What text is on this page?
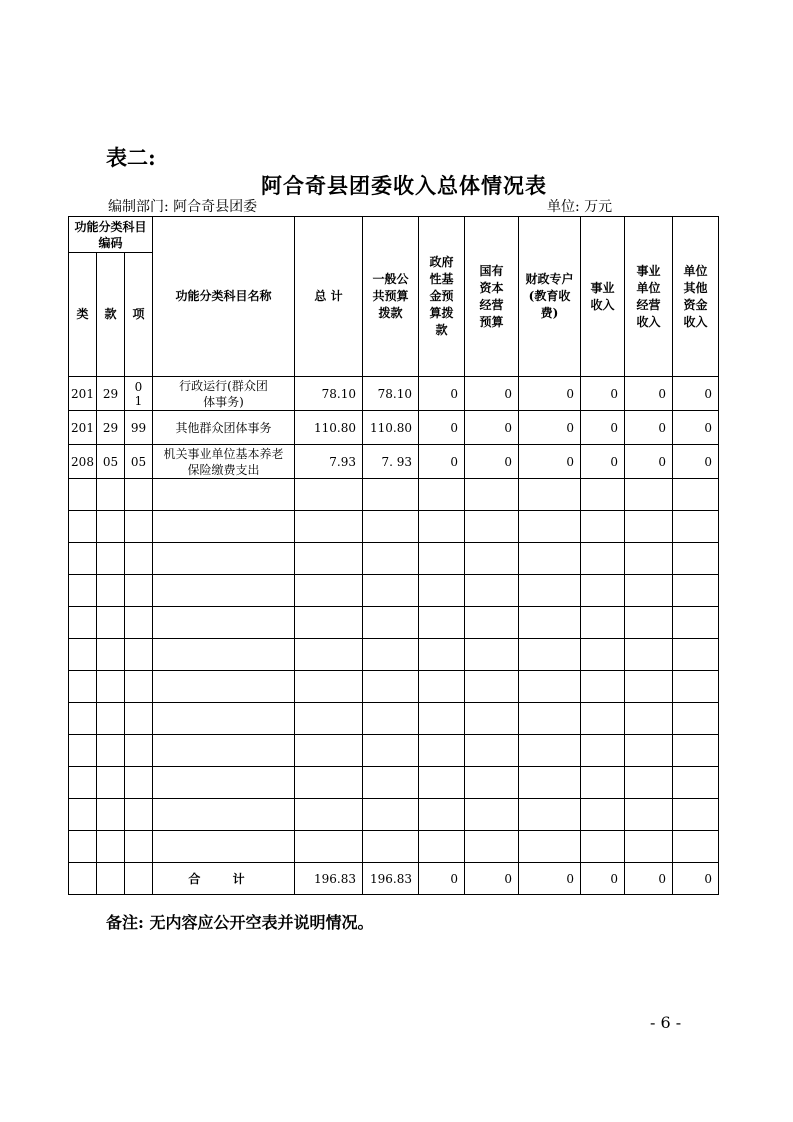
表二:
阿合奇县团委收入总体情况表
编制部门: 阿合奇县团委	单位: 万元
功能分类科目编码			功能分类科目名称	总 计	一般公共预算拨款	政府性基金预算拨款	国有资本经营预算	财政专户(教育收费)	事业收入	事业单位经营收入	单位其他资金收入
类	款	项									
201	29	01	行政运行(群众团体事务)	78.10	78.10	0	0	0	0	0	0
201	29	99	其他群众团体事务	110.80	110.80	0	0	0	0	0	0
208	05	05	机关事业单位基本养老保险缴费支出	7.93	7. 93	0	0	0	0	0	0

			合 计	196.83	196.83	0	0	0	0	0	0
备注: 无内容应公开空表并说明情况。
- 6 -
